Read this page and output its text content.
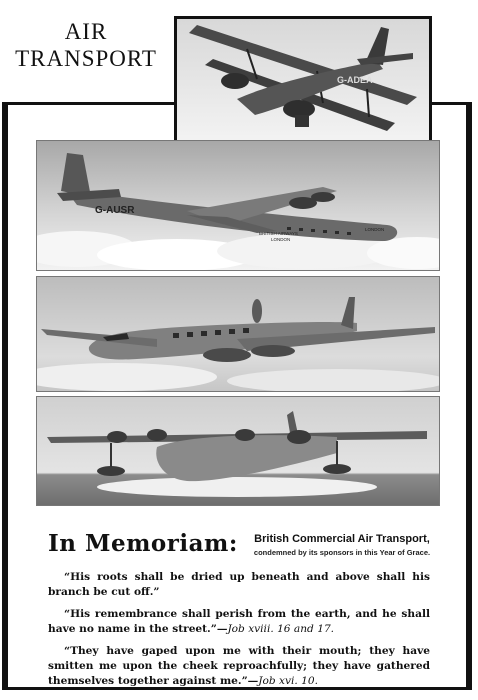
AIR
TRANSPORT
G-ADEA
G-AUSR
BRITISH AIRWAYS
LONDON
LONDON
In Memoriam:	British Commercial Air Transport,
condemned by its sponsors in this Year of Grace.

“His roots shall be dried up beneath and above shall his branch be cut off.”

“His remembrance shall perish from the earth, and he shall have no name in the street.”—Job xviii. 16 and 17.

“They have gaped upon me with their mouth; they have smitten me upon the cheek reproachfully; they have gathered themselves together against me.”—Job xvi. 10.
